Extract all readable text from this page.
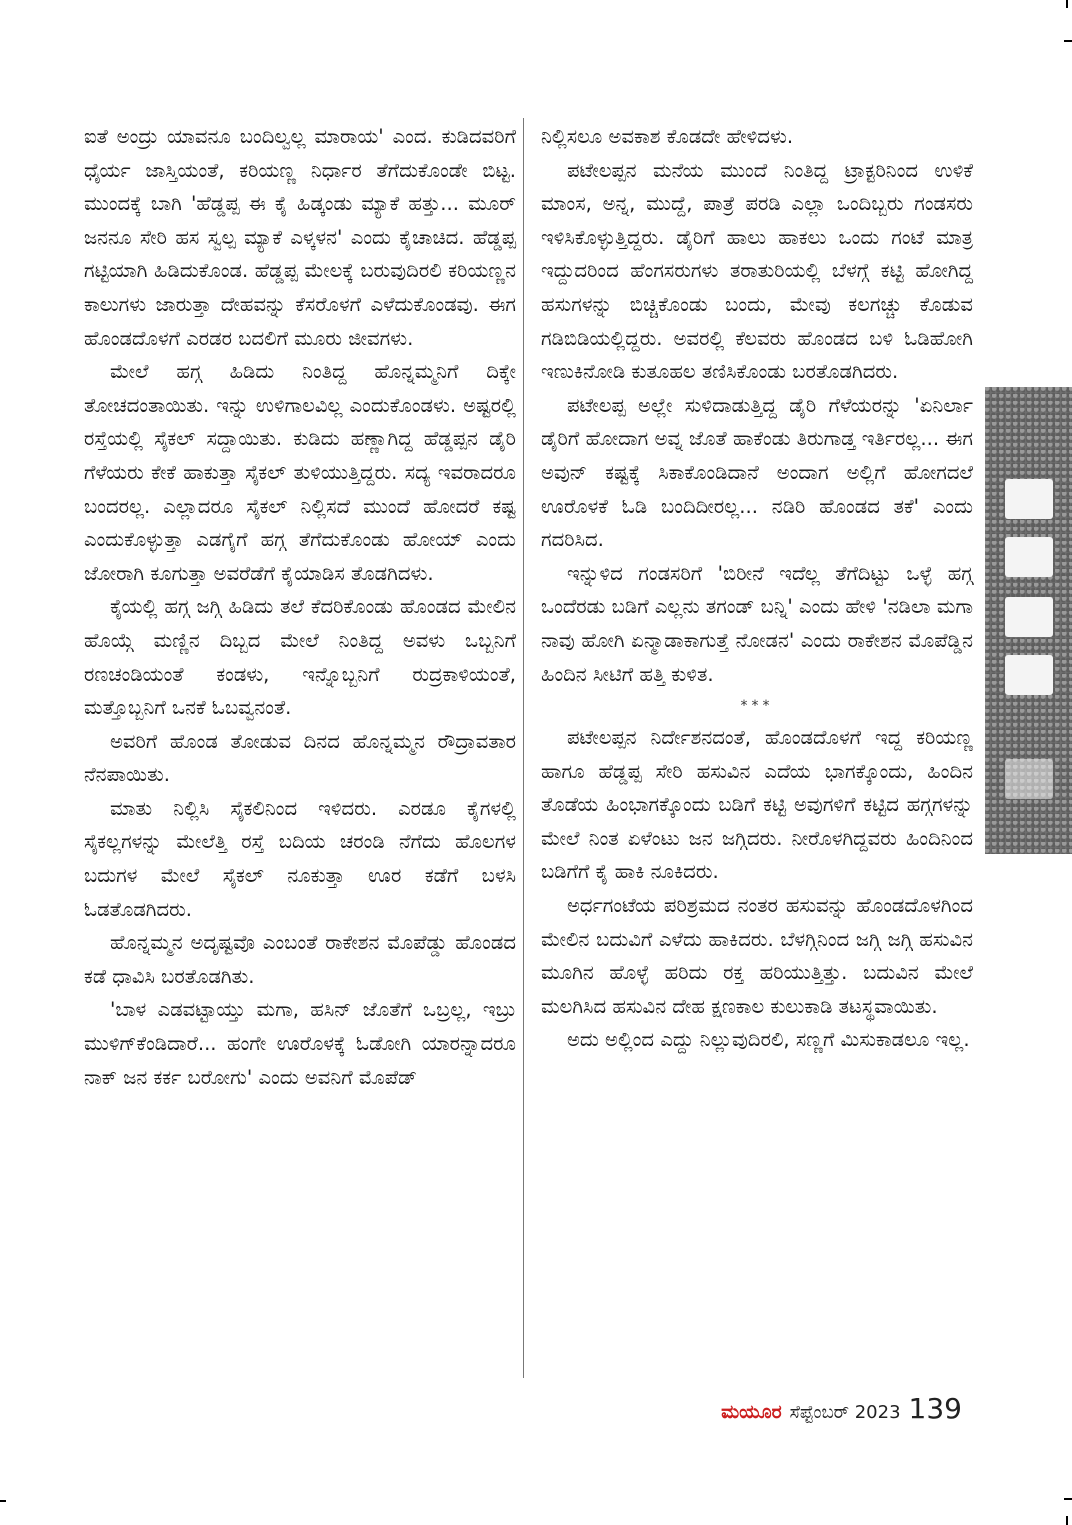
ಐತೆ ಅಂದ್ರು ಯಾವನೂ ಬಂದಿಲ್ವಲ್ಲ ಮಾರಾಯ' ಎಂದ. ಕುಡಿದವರಿಗೆ ಧೈರ್ಯ ಜಾಸ್ತಿಯಂತೆ, ಕರಿಯಣ್ಣ ನಿರ್ಧಾರ ತೆಗೆದುಕೊಂಡೇ ಬಿಟ್ಟ. ಮುಂದಕ್ಕೆ ಬಾಗಿ 'ಹೆಡ್ಡಪ್ಪ ಈ ಕೈ ಹಿಡ್ಕಂಡು ಮ್ಯಾಕೆ ಹತ್ತು... ಮೂರ್ ಜನನೂ ಸೇರಿ ಹಸ ಸ್ವಲ್ಪ ಮ್ಯಾಕೆ ಎಳ್ಕಳನ' ಎಂದು ಕೈಚಾಚಿದ. ಹೆಡ್ಡಪ್ಪ ಗಟ್ಟಿಯಾಗಿ ಹಿಡಿದುಕೊಂಡ. ಹೆಡ್ಡಪ್ಪ ಮೇಲಕ್ಕೆ ಬರುವುದಿರಲಿ ಕರಿಯಣ್ಣನ ಕಾಲುಗಳು ಜಾರುತ್ತಾ ದೇಹವನ್ನು ಕೆಸರೊಳಗೆ ಎಳೆದುಕೊಂಡವು. ಈಗ ಹೊಂಡದೊಳಗೆ ಎರಡರ ಬದಲಿಗೆ ಮೂರು ಜೀವಗಳು.

ಮೇಲೆ ಹಗ್ಗ ಹಿಡಿದು ನಿಂತಿದ್ದ ಹೊನ್ನಮ್ಮನಿಗೆ ದಿಕ್ಕೇ ತೋಚದಂತಾಯಿತು. ಇನ್ನು ಉಳಿಗಾಲವಿಲ್ಲ ಎಂದುಕೊಂಡಳು. ಅಷ್ಟರಲ್ಲಿ ರಸ್ತೆಯಲ್ಲಿ ಸೈಕಲ್ ಸದ್ದಾಯಿತು. ಕುಡಿದು ಹಣ್ಣಾಗಿದ್ದ ಹೆಡ್ಡಪ್ಪನ ಡೈರಿ ಗೆಳೆಯರು ಕೇಕೆ ಹಾಕುತ್ತಾ ಸೈಕಲ್ ತುಳಿಯುತ್ತಿದ್ದರು. ಸದ್ಯ ಇವರಾದರೂ ಬಂದರಲ್ಲ. ಎಲ್ಲಾದರೂ ಸೈಕಲ್ ನಿಲ್ಲಿಸದೆ ಮುಂದೆ ಹೋದರೆ ಕಷ್ಟ ಎಂದುಕೊಳ್ಳುತ್ತಾ ಎಡಗೈಗೆ ಹಗ್ಗ ತೆಗೆದುಕೊಂಡು ಹೋಯ್ ಎಂದು ಜೋರಾಗಿ ಕೂಗುತ್ತಾ ಅವರೆಡೆಗೆ ಕೈಯಾಡಿಸ ತೊಡಗಿದಳು.

ಕೈಯಲ್ಲಿ ಹಗ್ಗ ಜಗ್ಗಿ ಹಿಡಿದು ತಲೆ ಕೆದರಿಕೊಂಡು ಹೊಂಡದ ಮೇಲಿನ ಹೊಯ್ಗೆ ಮಣ್ಣಿನ ದಿಬ್ಬದ ಮೇಲೆ ನಿಂತಿದ್ದ ಅವಳು ಒಬ್ಬನಿಗೆ ರಣಚಂಡಿಯಂತೆ ಕಂಡಳು, ಇನ್ನೊಬ್ಬನಿಗೆ ರುದ್ರಕಾಳಿಯಂತೆ, ಮತ್ತೊಬ್ಬನಿಗೆ ಒನಕೆ ಓಬವ್ವನಂತೆ.

ಅವರಿಗೆ ಹೊಂಡ ತೋಡುವ ದಿನದ ಹೊನ್ನಮ್ಮನ ರೌದ್ರಾವತಾರ ನೆನಪಾಯಿತು.

ಮಾತು ನಿಲ್ಲಿಸಿ ಸೈಕಲಿನಿಂದ ಇಳಿದರು. ಎರಡೂ ಕೈಗಳಲ್ಲಿ ಸೈಕಲ್ಲಗಳನ್ನು ಮೇಲೆತ್ತಿ ರಸ್ತೆ ಬದಿಯ ಚರಂಡಿ ನೆಗೆದು ಹೊಲಗಳ ಬದುಗಳ ಮೇಲೆ ಸೈಕಲ್ ನೂಕುತ್ತಾ ಊರ ಕಡೆಗೆ ಬಳಸಿ ಓಡತೊಡಗಿದರು.

ಹೊನ್ನಮ್ಮನ ಅದೃಷ್ಟವೊ ಎಂಬಂತೆ ರಾಕೇಶನ ಮೊಪೆಡ್ಡು ಹೊಂಡದ ಕಡೆ ಧಾವಿಸಿ ಬರತೊಡಗಿತು.

'ಬಾಳ ಎಡವಟ್ಟಾಯ್ತು ಮಗಾ, ಹಸಿನ್ ಜೊತೆಗೆ ಒಬ್ರಲ್ಲ, ಇಬ್ರು ಮುಳಿಗ್‌ಕೆಂಡಿದಾರೆ... ಹಂಗೇ ಊರೊಳಕ್ಕೆ ಓಡೋಗಿ ಯಾರನ್ನಾದರೂ ನಾಕ್ ಜನ ಕರ್ಕ ಬರೋಗು' ಎಂದು ಅವನಿಗೆ ಮೊಪೆಡ್

ನಿಲ್ಲಿಸಲೂ ಅವಕಾಶ ಕೊಡದೇ ಹೇಳಿದಳು.

ಪಟೇಲಪ್ಪನ ಮನೆಯ ಮುಂದೆ ನಿಂತಿದ್ದ ಟ್ರಾಕ್ಟರಿನಿಂದ ಉಳಿಕೆ ಮಾಂಸ, ಅನ್ನ, ಮುದ್ದೆ, ಪಾತ್ರೆ ಪರಡಿ ಎಲ್ಲಾ ಒಂದಿಬ್ಬರು ಗಂಡಸರು ಇಳಿಸಿಕೊಳ್ಳುತ್ತಿದ್ದರು. ಡೈರಿಗೆ ಹಾಲು ಹಾಕಲು ಒಂದು ಗಂಟೆ ಮಾತ್ರ ಇದ್ದುದರಿಂದ ಹೆಂಗಸರುಗಳು ತರಾತುರಿಯಲ್ಲಿ ಬೆಳಗ್ಗೆ ಕಟ್ಟಿ ಹೋಗಿದ್ದ ಹಸುಗಳನ್ನು ಬಿಚ್ಚಿಕೊಂಡು ಬಂದು, ಮೇವು ಕಲಗಚ್ಚು ಕೊಡುವ ಗಡಿಬಿಡಿಯಲ್ಲಿದ್ದರು. ಅವರಲ್ಲಿ ಕೆಲವರು ಹೊಂಡದ ಬಳಿ ಓಡಿಹೋಗಿ ಇಣುಕಿನೋಡಿ ಕುತೂಹಲ ತಣಿಸಿಕೊಂಡು ಬರತೊಡಗಿದರು.

ಪಟೇಲಪ್ಪ ಅಲ್ಲೇ ಸುಳಿದಾಡುತ್ತಿದ್ದ ಡೈರಿ ಗೆಳೆಯರನ್ನು 'ಏನಿರ್ಲಾ ಡೈರಿಗೆ ಹೋದಾಗ ಅವ್ನ ಜೊತೆ ಹಾಕೆಂಡು ತಿರುಗಾಡ್ತ ಇರ್ತಿರಲ್ಲ... ಈಗ ಅವುನ್ ಕಷ್ಟಕ್ಕೆ ಸಿಕಾಕೊಂಡಿದಾನೆ ಅಂದಾಗ ಅಲ್ಲಿಗೆ ಹೋಗದಲೆ ಊರೊಳಕೆ ಓಡಿ ಬಂದಿದೀರಲ್ಲ... ನಡಿರಿ ಹೊಂಡದ ತಕೆ' ಎಂದು ಗದರಿಸಿದ.

ಇನ್ನುಳಿದ ಗಂಡಸರಿಗೆ 'ಬಿರೀನೆ ಇದೆಲ್ಲ ತೆಗೆದಿಟ್ಟು ಒಳ್ಳೆ ಹಗ್ಗ ಒಂದೆರಡು ಬಡಿಗೆ ಎಲ್ಲನು ತಗಂಡ್ ಬನ್ನಿ' ಎಂದು ಹೇಳಿ 'ನಡಿಲಾ ಮಗಾ ನಾವು ಹೋಗಿ ಏನ್ಮಾಡಾಕಾಗುತ್ತೆ ನೋಡನ' ಎಂದು ರಾಕೇಶನ ಮೊಪೆಡ್ಡಿನ ಹಿಂದಿನ ಸೀಟಿಗೆ ಹತ್ತಿ ಕುಳಿತ.

***

ಪಟೇಲಪ್ಪನ ನಿರ್ದೇಶನದಂತೆ, ಹೊಂಡದೊಳಗೆ ಇದ್ದ ಕರಿಯಣ್ಣ ಹಾಗೂ ಹೆಡ್ಡಪ್ಪ ಸೇರಿ ಹಸುವಿನ ಎದೆಯ ಭಾಗಕ್ಕೊಂದು, ಹಿಂದಿನ ತೊಡೆಯ ಹಿಂಭಾಗಕ್ಕೊಂದು ಬಡಿಗೆ ಕಟ್ಟಿ ಅವುಗಳಿಗೆ ಕಟ್ಟಿದ ಹಗ್ಗಗಳನ್ನು ಮೇಲೆ ನಿಂತ ಏಳೆಂಟು ಜನ ಜಗ್ಗಿದರು. ನೀರೊಳಗಿದ್ದವರು ಹಿಂದಿನಿಂದ ಬಡಿಗೆಗೆ ಕೈ ಹಾಕಿ ನೂಕಿದರು.

ಅರ್ಧಗಂಟೆಯ ಪರಿಶ್ರಮದ ನಂತರ ಹಸುವನ್ನು ಹೊಂಡದೊಳಗಿಂದ ಮೇಲಿನ ಬದುವಿಗೆ ಎಳೆದು ಹಾಕಿದರು. ಬೆಳಗ್ಗಿನಿಂದ ಜಗ್ಗಿ ಜಗ್ಗಿ ಹಸುವಿನ ಮೂಗಿನ ಹೊಳ್ಳೆ ಹರಿದು ರಕ್ತ ಹರಿಯುತ್ತಿತ್ತು. ಬದುವಿನ ಮೇಲೆ ಮಲಗಿಸಿದ ಹಸುವಿನ ದೇಹ ಕ್ಷಣಕಾಲ ಕುಲುಕಾಡಿ ತಟಸ್ಥವಾಯಿತು.

ಅದು ಅಲ್ಲಿಂದ ಎದ್ದು ನಿಲ್ಲುವುದಿರಲಿ, ಸಣ್ಣಗೆ ಮಿಸುಕಾಡಲೂ ಇಲ್ಲ.

ಮಯೂರ ಸೆಪ್ಟೆಂಬರ್ 2023 139
